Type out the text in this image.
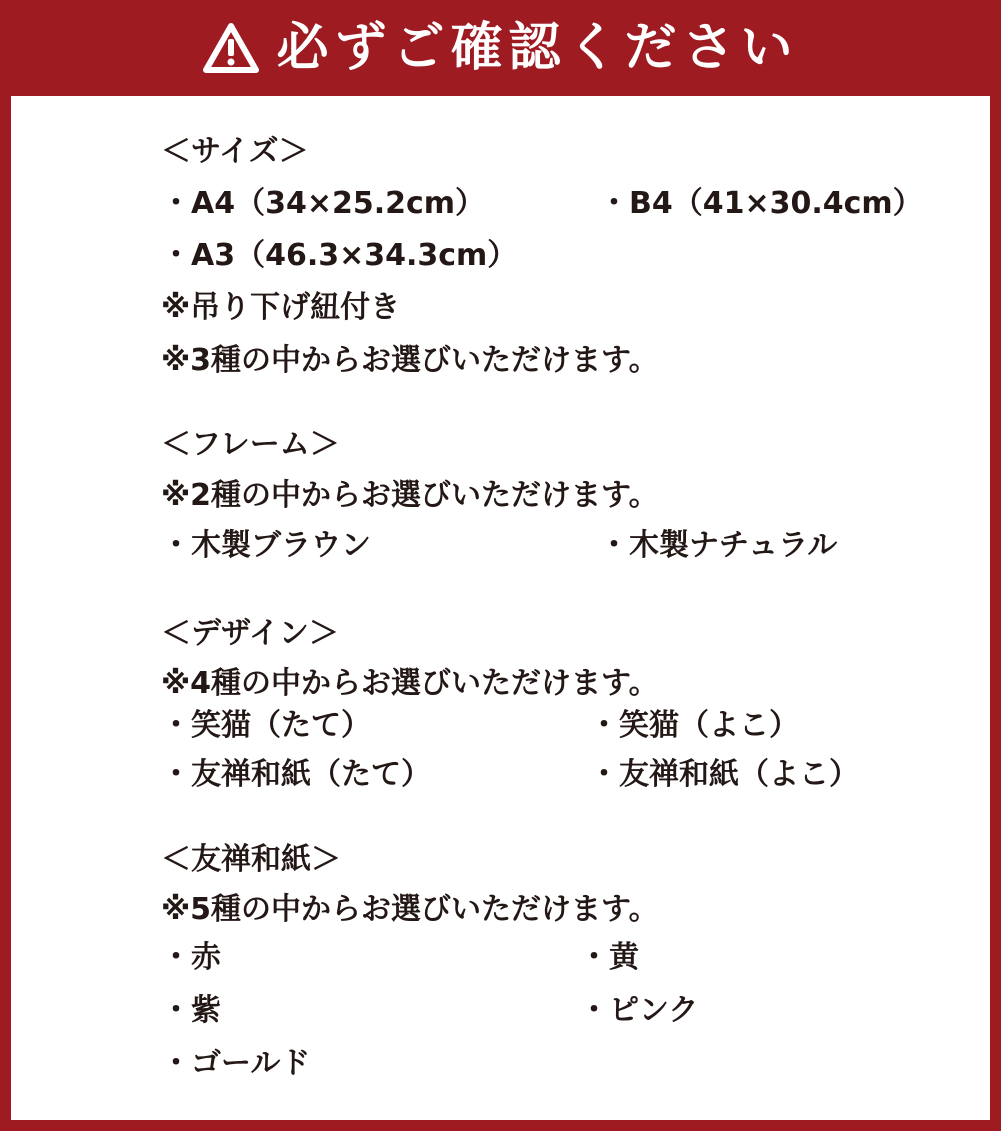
必ずご確認ください
＜サイズ＞
・A4（34×25.2cm）	・B4（41×30.4cm）
・A3（46.3×34.3cm）
※吊り下げ紐付き
※3種の中からお選びいただけます。
＜フレーム＞
※2種の中からお選びいただけます。
・木製ブラウン	・木製ナチュラル
＜デザイン＞
※4種の中からお選びいただけます。
・笑猫（たて）	・笑猫（よこ）
・友禅和紙（たて）	・友禅和紙（よこ）
＜友禅和紙＞
※5種の中からお選びいただけます。
・赤	・黄
・紫	・ピンク
・ゴールド
